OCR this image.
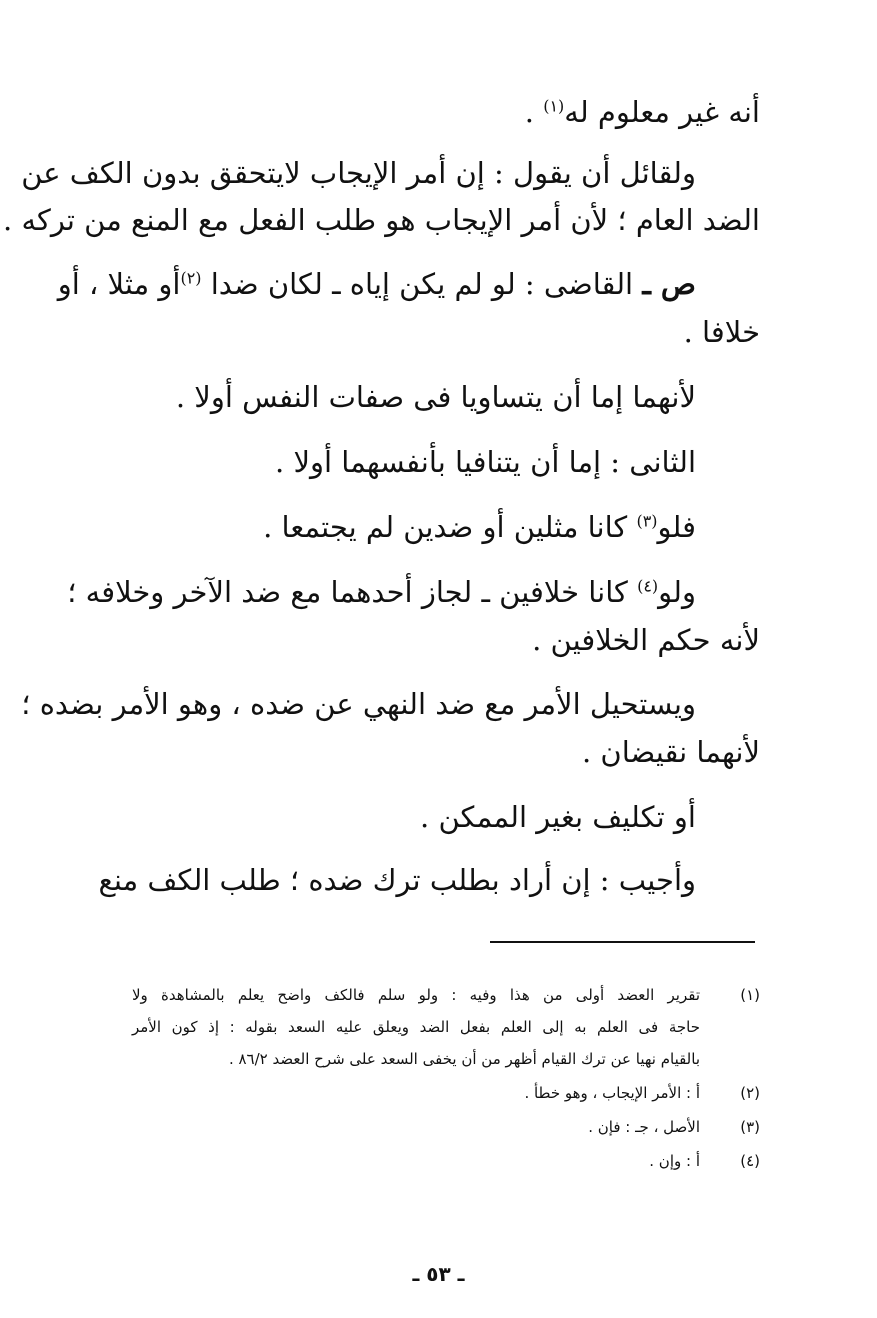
أنه غير معلوم له$^{(١)}$ .
ولقائل أن يقول : إن أمر الإيجاب لايتحقق بدون الكف عن
الضد العام ؛ لأن أمر الإيجاب هو طلب الفعل مع المنع من تركه .
ص ـ القاضى : لو لم يكن إياه ـ لكان ضدا $^{(٢)}$أو مثلا ، أو
خلافا .
لأنهما إما أن يتساويا فى صفات النفس أولا .
الثانى : إما أن يتنافيا بأنفسهما أولا .
فلو$^{(٣)}$ كانا مثلين أو ضدين لم يجتمعا .
ولو$^{(٤)}$ كانا خلافين ـ لجاز أحدهما مع ضد الآخر وخلافه ؛
لأنه حكم الخلافين .
ويستحيل الأمر مع ضد النهي عن ضده ، وهو الأمر بضده ؛
لأنهما نقيضان .
أو تكليف بغير الممكن .
وأجيب : إن أراد بطلب ترك ضده ؛ طلب الكف منع
(١)
تقرير العضد أولى من هذا وفيه : ولو سلم فالكف واضح يعلم بالمشاهدة ولا
حاجة فى العلم به إلى العلم بفعل الضد ويعلق عليه السعد بقوله : إذ كون الأمر
بالقيام نهيا عن ترك القيام أظهر من أن يخفى السعد على شرح العضد ٨٦/٢ .
(٢)
أ : الأمر الإيجاب ، وهو خطأ .
(٣)
الأصل ، جـ : فإن .
(٤)
أ : وإن .
ـ ٥٣ ـ
